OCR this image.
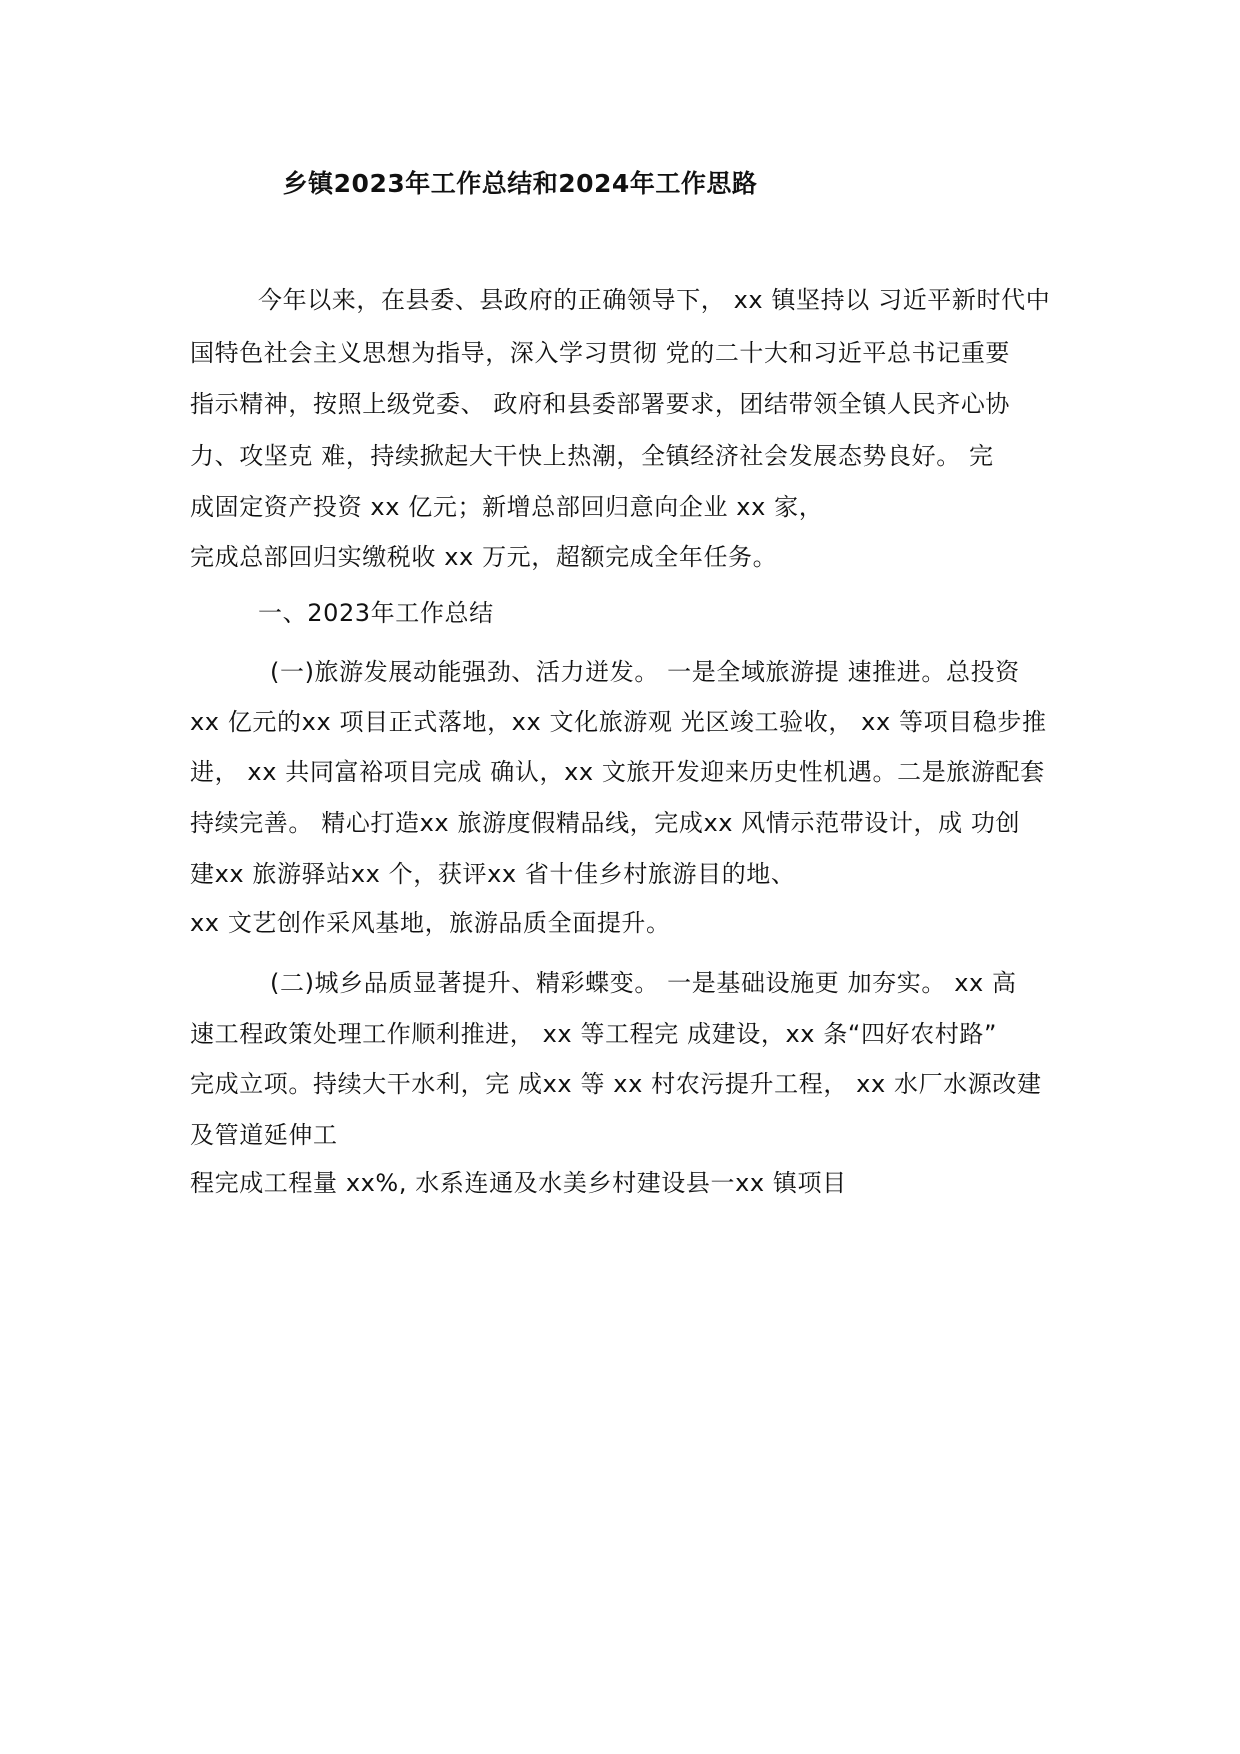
乡镇2023年工作总结和2024年工作思路
今年以来，在县委、县政府的正确领导下， xx 镇坚持以 习近平新时代中
国特色社会主义思想为指导，深入学习贯彻 党的二十大和习近平总书记重要
指示精神，按照上级党委、 政府和县委部署要求，团结带领全镇人民齐心协
力、攻坚克 难，持续掀起大干快上热潮，全镇经济社会发展态势良好。 完
成固定资产投资 xx 亿元；新增总部回归意向企业 xx 家，
完成总部回归实缴税收 xx 万元，超额完成全年任务。
一、2023年工作总结
(一)旅游发展动能强劲、活力迸发。 一是全域旅游提 速推进。总投资
xx 亿元的xx 项目正式落地，xx 文化旅游观 光区竣工验收， xx 等项目稳步推
进， xx 共同富裕项目完成 确认，xx 文旅开发迎来历史性机遇。二是旅游配套
持续完善。 精心打造xx 旅游度假精品线，完成xx 风情示范带设计，成 功创
建xx 旅游驿站xx 个，获评xx 省十佳乡村旅游目的地、
xx 文艺创作采风基地，旅游品质全面提升。
(二)城乡品质显著提升、精彩蝶变。 一是基础设施更 加夯实。 xx 高
速工程政策处理工作顺利推进， xx 等工程完 成建设，xx 条“四好农村路”
完成立项。持续大干水利，完 成xx 等 xx 村农污提升工程， xx 水厂水源改建
及管道延伸工
程完成工程量 xx%, 水系连通及水美乡村建设县一xx 镇项目
